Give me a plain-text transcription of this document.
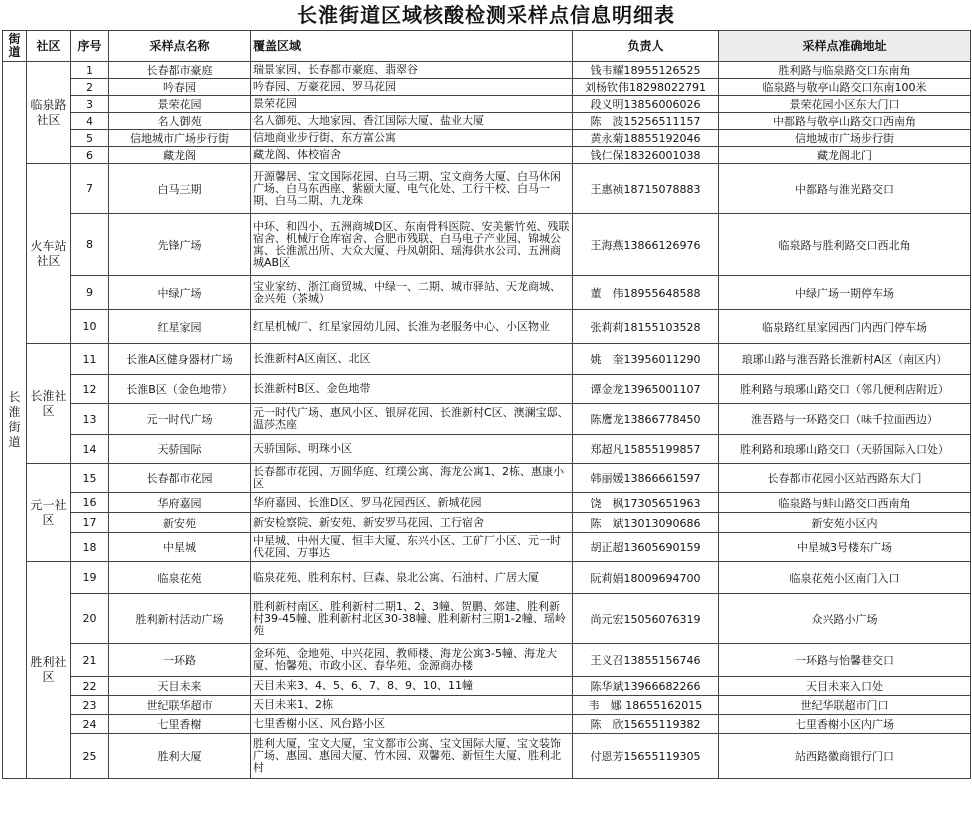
长淮街道区域核酸检测采样点信息明细表
街道	社区	序号	采样点名称	覆盖区域	负责人	采样点准确地址
长淮街道	临泉路社区	1	长春都市豪庭	瑞景家园、长春都市豪庭、翡翠谷	钱韦耀18955126525	胜利路与临泉路交口东南角
		2	吟春园	吟春园、万豪花园、罗马花园	刘杨钦伟18298022791	临泉路与敬亭山路交口东南100米
		3	景荣花园	景荣花园	段义明13856006026	景荣花园小区东大门口
		4	名人御苑	名人御苑、大地家园、香江国际大厦、盐业大厦	陈　波15256511157	中都路与敬亭山路交口西南角
		5	信地城市广场步行街	信地商业步行街、东方富公寓	黄永菊18855192046	信地城市广场步行街
		6	藏龙阁	藏龙阁、体校宿舍	钱仁保18326001038	藏龙阁北门
	火车站社区	7	白马三期	开源馨居、宝文国际花园、白马三期、宝文商务大厦、白马休闲广场、白马东西座、紫颐大厦、电气化处、工行干校、白马一期、白马二期、九龙珠	王惠祯18715078883	中都路与淮光路交口
		8	先锋广场	中环、和四小、五洲商城D区、东南骨科医院、安美紫竹苑、残联宿舍、机械厅仓库宿舍、合肥市残联、白马电子产业园、锦城公寓、长淮派出所、大众大厦、丹凤朝阳、瑶海供水公司、五洲商城AB区	王海燕13866126976	临泉路与胜利路交口西北角
		9	中绿广场	宝业家纺、浙江商贸城、中绿一、二期、城市驿站、天龙商城、金兴苑（茶城）	董　伟18955648588	中绿广场一期停车场
		10	红星家园	红星机械厂、红星家园幼儿园、长淮为老服务中心、小区物业	张莉莉18155103528	临泉路红星家园西门内西门停车场
	长淮社区	11	长淮A区健身器材广场	长淮新村A区南区、北区	姚　奎13956011290	琅琊山路与淮吾路长淮新村A区（南区内）
		12	长淮B区（金色地带）	长淮新村B区、金色地带	谭金龙13965001107	胜利路与琅琊山路交口（邻几便利店附近）
		13	元一时代广场	元一时代广场、惠风小区、银屏花园、长淮新村C区、澳澜宝邸、温莎杰座	陈鹰龙13866778450	淮吾路与一环路交口（味千拉面西边）
		14	天骄国际	天骄国际、明珠小区	郑超凡15855199857	胜利路和琅琊山路交口（天骄国际入口处）
	元一社区	15	长春都市花园	长春都市花园、万圆华庭、红璞公寓、海龙公寓1、2栋、惠康小区	韩丽媛13866661597	长春都市花园小区站西路东大门
		16	华府嘉园	华府嘉园、长淮D区、罗马花园西区、新城花园	饶　枫17305651963	临泉路与蚌山路交口西南角
		17	新安苑	新安检察院、新安苑、新安罗马花园、工行宿舍	陈　斌13013090686	新安苑小区内
		18	中星城	中星城、中州大厦、恒丰大厦、东兴小区、工矿厂小区、元一时代花园、万事达	胡正超13605690159	中星城3号楼东广场
	胜利社区	19	临泉花苑	临泉花苑、胜利东村、巨森、泉北公寓、石油村、广居大厦	阮莉娟18009694700	临泉花苑小区南门入口
		20	胜利新村活动广场	胜利新村南区、胜利新村二期1、2、3幢、贺鹏、郊建、胜利新村39-45幢、胜利新村北区30-38幢、胜利新村三期1-2幢、瑶岭苑	尚元宏15056076319	众兴路小广场
		21	一环路	金环苑、金地苑、中兴花园、教师楼、海龙公寓3-5幢、海龙大厦、怡馨苑、市政小区、春华苑、金源商办楼	王义召13855156746	一环路与怡馨巷交口
		22	天目未来	天目未来3、4、5、6、7、8、9、10、11幢	陈华斌13966682266	天目未来入口处
		23	世纪联华超市	天目未来1、2栋	韦　娜 18655162015	世纪华联超市门口
		24	七里香榭	七里香榭小区、风台路小区	陈　欣15655119382	七里香榭小区内广场
		25	胜利大厦	胜利大厦，宝文大厦，宝文都市公寓、宝文国际大厦、宝文装饰广场、惠园、惠园大厦、竹木园、双馨苑、新恒生大厦、胜利北村	付恩芳15655119305	站西路徽商银行门口
